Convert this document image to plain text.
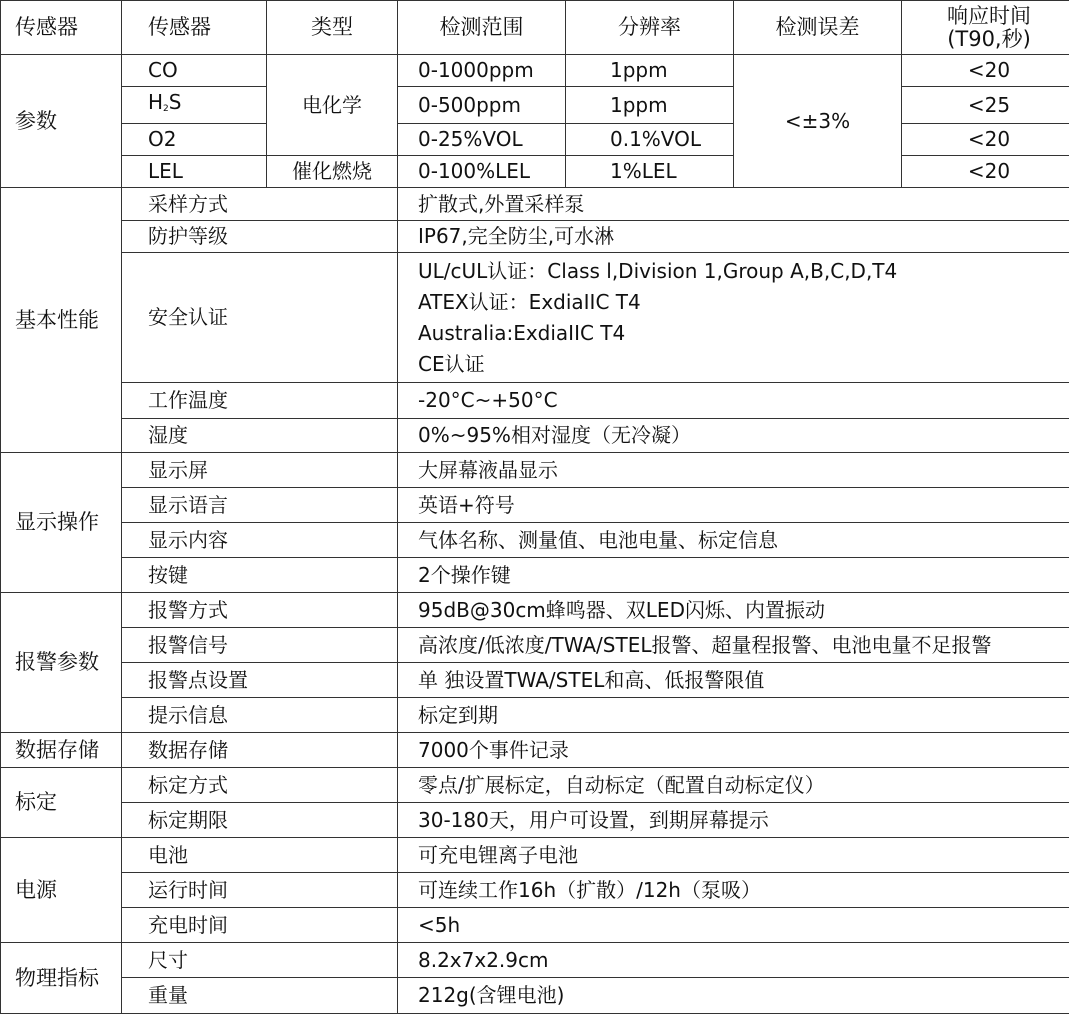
传感器	传感器	类型	检测范围	分辨率	检测误差	响应时间
(T90,秒)

参数	CO	电化学	0-1000ppm	1ppm	<±3%	<20
	$H_2S$		0-500ppm	1ppm		<25
	O2		0-25%VOL	0.1%VOL		<20
	LEL	催化燃烧	0-100%LEL	1%LEL		<20
基本性能	采样方式		扩散式,外置采样泵			
	防护等级		IP67,完全防尘,可水淋			
	安全认证		UL/cUL认证：Class l,Division 1,Group A,B,C,D,T4
ATEX认证：ExdiaIIC T4
Australia:ExdiaIIC T4
CE认证			

	工作温度		-20°C~+50°C			
	湿度		0%~95%相对湿度（无冷凝）			

显示操作	显示屏		大屏幕液晶显示			
	显示语言		英语+符号			
	显示内容		气体名称、测量值、电池电量、标定信息			
	按键		2个操作键			
报警参数	报警方式		95dB@30cm蜂鸣器、双LED闪烁、内置振动			
	报警信号		高浓度/低浓度/TWA/STEL报警、超量程报警、电池电量不足报警			
	报警点设置		单 独设置TWA/STEL和高、低报警限值			
	提示信息		标定到期			
数据存储	数据存储		7000个事件记录			
标定	标定方式		零点/扩展标定，自动标定（配置自动标定仪）			
	标定期限		30-180天，用户可设置，到期屏幕提示			
电源	电池		可充电锂离子电池			
	运行时间		可连续工作16h（扩散）/12h（泵吸）			
	充电时间		<5h			
物理指标	尺寸		8.2x7x2.9cm			
	重量		212g(含锂电池)			
